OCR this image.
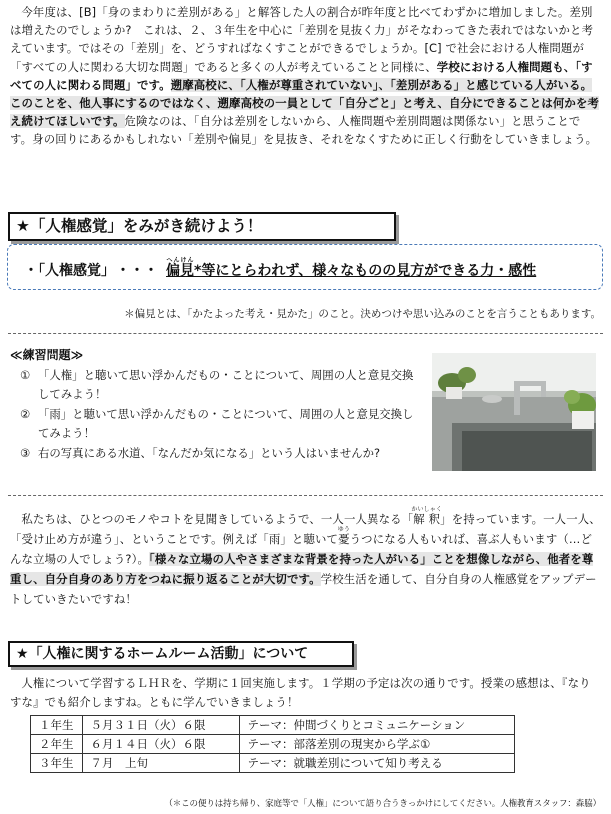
今年度は、[B]「身のまわりに差別がある」と解答した人の割合が昨年度と比べてわずかに増加しました。差別は増えたのでしょうか?　これは、２、３年生を中心に「差別を見抜く力」がそなわってきた表れではないかと考えています。ではその「差別」を、どうすればなくすことができるでしょうか。[C] で社会における人権問題が「すべての人に関わる大切な問題」であると多くの人が考えていることと同様に、学校における人権問題も、「すべての人に関わる問題」です。遡摩高校に、「人権が尊重されていない」、「差別がある」と感じている人がいる。このことを、他人事にするのではなく、遡摩高校の一員として「自分ごと」と考え、自分にできることは何かを考え続けてほしいです。危険なのは、「自分は差別をしないから、人権問題や差別問題は関係ない」と思うことです。身の回りにあるかもしれない「差別や偏見」を見抜き、それをなくすために正しく行動をしていきましょう。

★「人権感覚」をみがき続けよう！
・「人権感覚」 ・・・ 偏見へんけん*等にとらわれず、様々なものの見方ができる力・感性
＊偏見とは、「かたよった考え・見かた」のこと。決めつけや思い込みのことを言うこともあります。
≪練習問題≫
① 「人権」と聴いて思い浮かんだもの・ことについて、周囲の人と意見交換してみよう！
② 「雨」と聴いて思い浮かんだもの・ことについて、周囲の人と意見交換してみよう！
③ 右の写真にある水道、「なんだか気になる」という人はいませんか?

私たちは、ひとつのモノやコトを見聞きしているようで、一人一人異なる「解釈かいしゃく」を持っています。一人一人、「受け止め方が違う」、ということです。例えば「雨」と聴いて憂ゆううつになる人もいれば、喜ぶ人もいます（…どんな立場の人でしょう?）。「様々な立場の人やさまざまな背景を持った人がいる」ことを想像しながら、他者を尊重し、自分自身のあり方をつねに振り返ることが大切です。学校生活を通して、自分自身の人権感覚をアップデートしていきたいですね！

★「人権に関するホームルーム活動」について

人権について学習するＬＨＲを、学期に１回実施します。１学期の予定は次の通りです。授業の感想は、『なりすな』でも紹介しますね。ともに学んでいきましょう！

１年生	５月３１日（火）６限	テーマ：仲間づくりとコミュニケーション
２年生	６月１４日（火）６限	テーマ：部落差別の現実から学ぶ①
３年生	７月　上旬	テーマ：就職差別について知り考える
（＊この便りは持ち帰り、家庭等で「人権」について語り合うきっかけにしてください。人権教育スタッフ：森脇）
